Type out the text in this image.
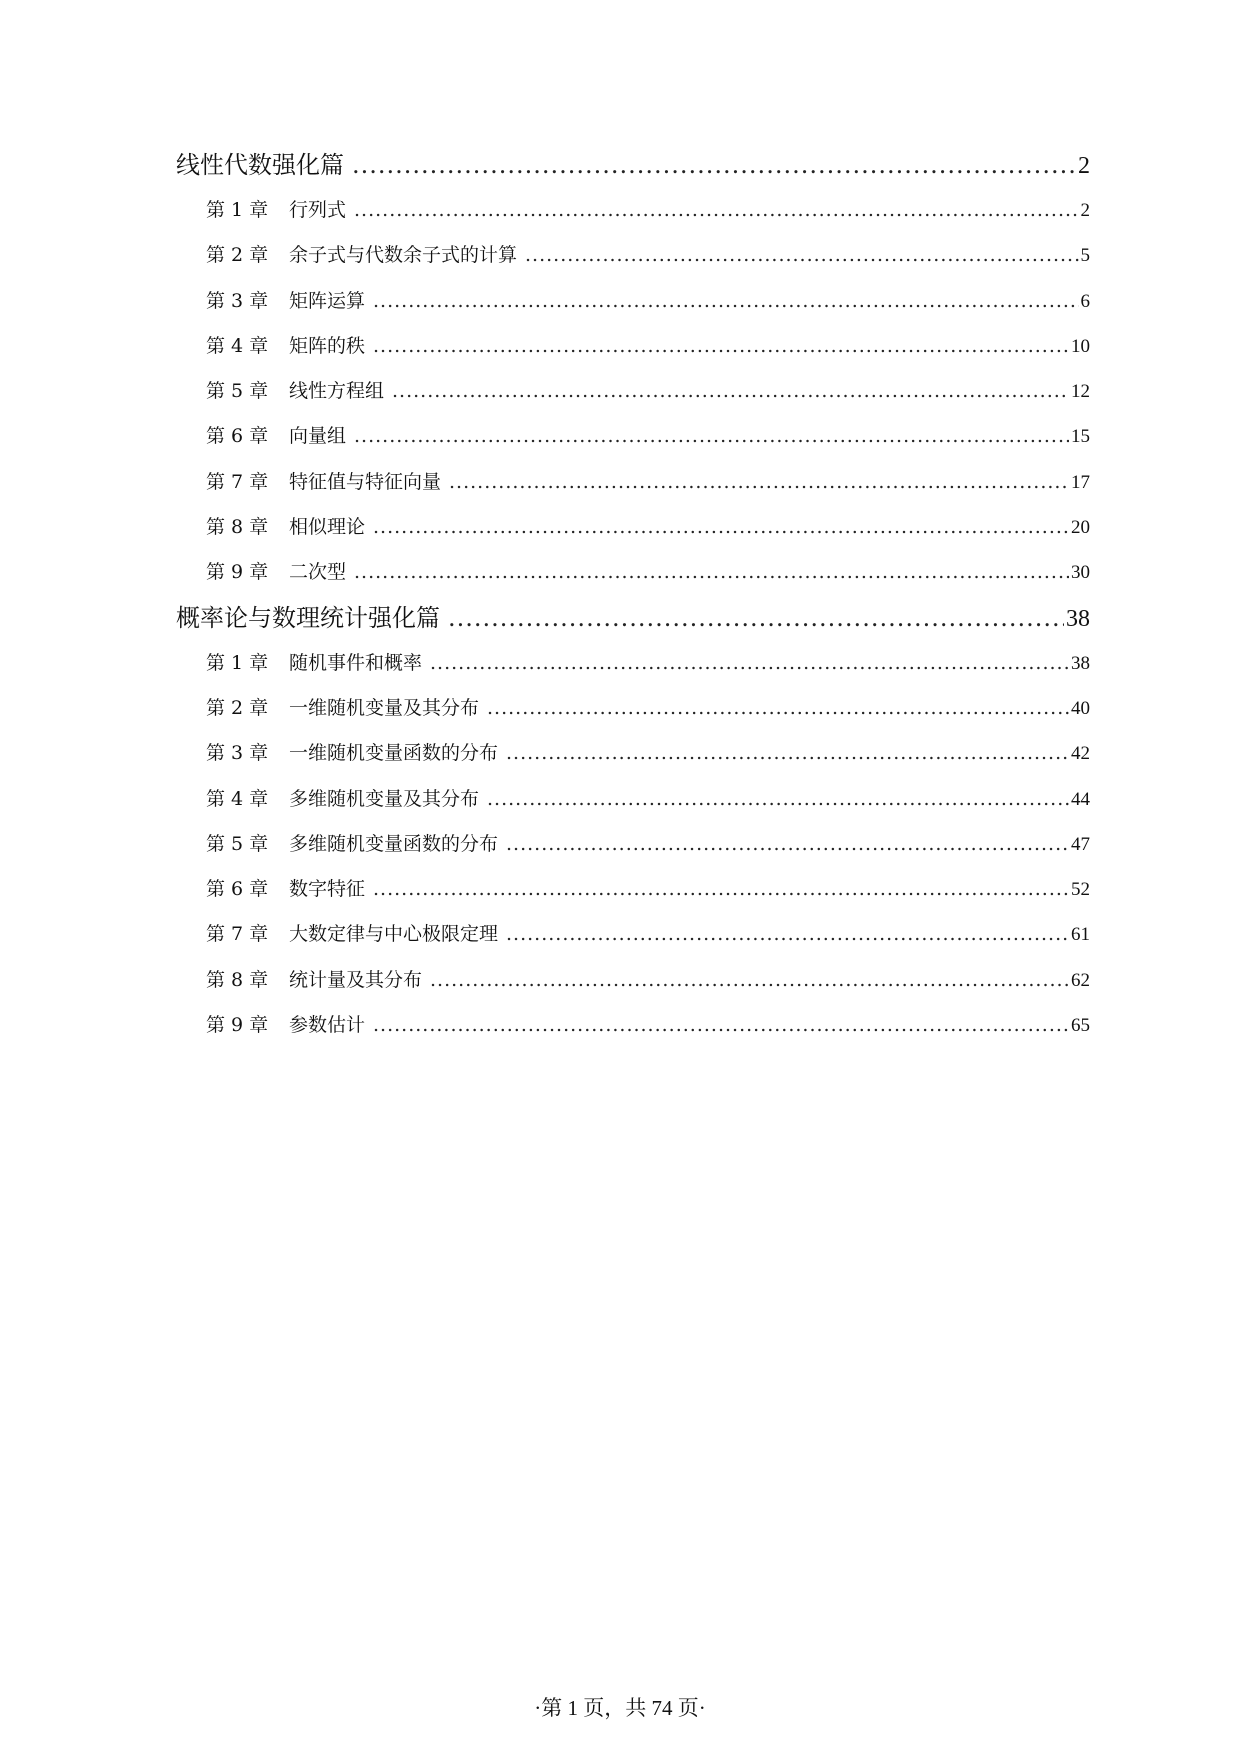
线性代数强化篇 .....	2
第 1 章 行列式 .....	2
第 2 章 余子式与代数余子式的计算 .....	5
第 3 章 矩阵运算 .....	6
第 4 章 矩阵的秩 .....	10
第 5 章 线性方程组 .....	12
第 6 章 向量组 .....	15
第 7 章 特征值与特征向量 .....	17
第 8 章 相似理论 .....	20
第 9 章 二次型 .....	30
概率论与数理统计强化篇 .....	38
第 1 章 随机事件和概率 .....	38
第 2 章 一维随机变量及其分布 .....	40
第 3 章 一维随机变量函数的分布 .....	42
第 4 章 多维随机变量及其分布 .....	44
第 5 章 多维随机变量函数的分布 .....	47
第 6 章 数字特征 .....	52
第 7 章 大数定律与中心极限定理 .....	61
第 8 章 统计量及其分布 .....	62
第 9 章 参数估计 .....	65
·第 1 页，共 74 页·
